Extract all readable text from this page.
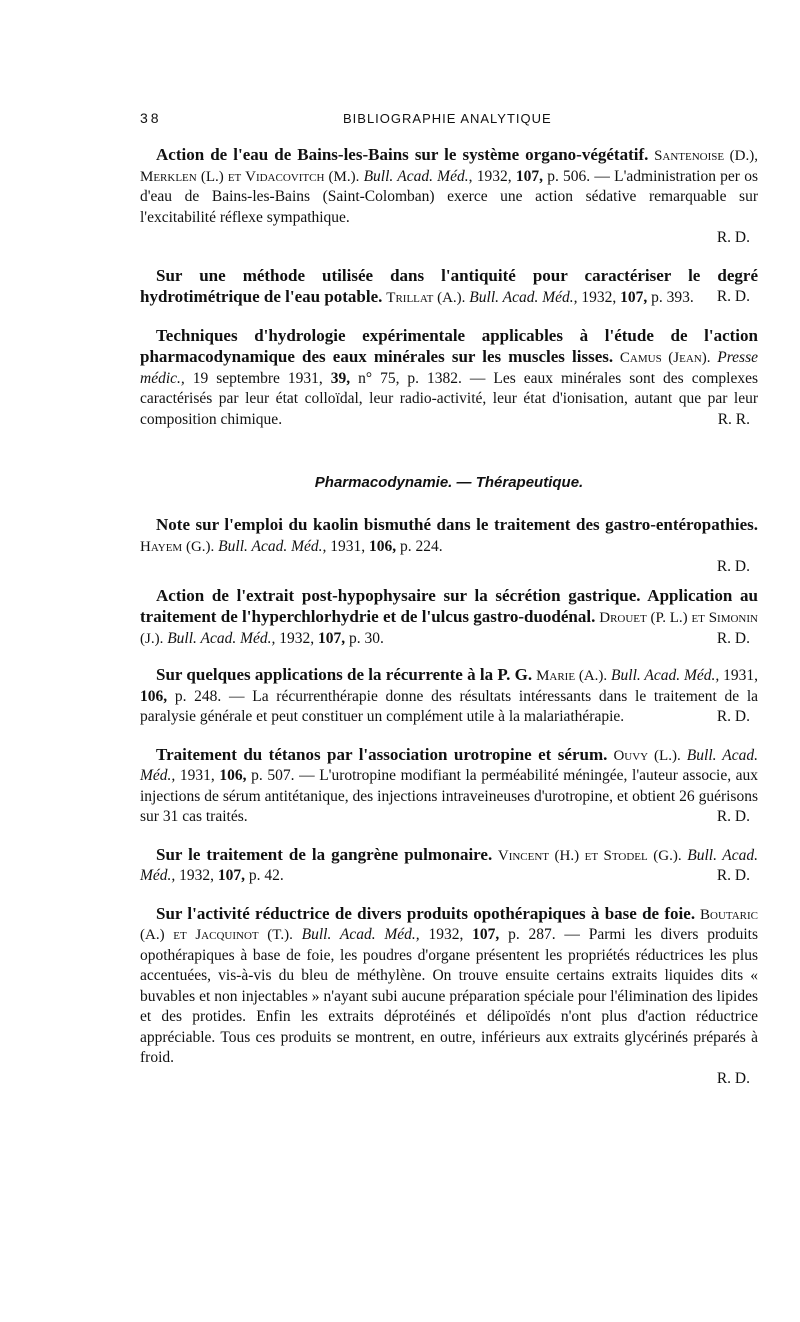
38	BIBLIOGRAPHIE ANALYTIQUE

Action de l'eau de Bains-les-Bains sur le système organo-végétatif. Santenoise (D.), Merklen (L.) et Vidacovitch (M.). Bull. Acad. Méd., 1932, 107, p. 506. — L'administration per os d'eau de Bains-les-Bains (Saint-Colomban) exerce une action sédative remarquable sur l'excitabilité réflexe sympathique.
R. D.

Sur une méthode utilisée dans l'antiquité pour caractériser le degré hydrotimétrique de l'eau potable. Trillat (A.). Bull. Acad. Méd., 1932, 107, p. 393. R. D.

Techniques d'hydrologie expérimentale applicables à l'étude de l'action pharmacodynamique des eaux minérales sur les muscles lisses. Camus (Jean). Presse médic., 19 septembre 1931, 39, n° 75, p. 1382. — Les eaux minérales sont des complexes caractérisés par leur état colloïdal, leur radio-activité, leur état d'ionisation, autant que par leur composition chimique.	R. R.

Pharmacodynamie. — Thérapeutique.

Note sur l'emploi du kaolin bismuthé dans le traitement des gastro-entéropathies. Hayem (G.). Bull. Acad. Méd., 1931, 106, p. 224.
R. D.

Action de l'extrait post-hypophysaire sur la sécrétion gastrique. Application au traitement de l'hyperchlorhydrie et de l'ulcus gastro-duodénal. Drouet (P. L.) et Simonin (J.). Bull. Acad. Méd., 1932, 107, p. 30.	R. D.

Sur quelques applications de la récurrente à la P. G. Marie (A.). Bull. Acad. Méd., 1931, 106, p. 248. — La récurrenthérapie donne des résultats intéressants dans le traitement de la paralysie générale et peut constituer un complément utile à la malariathérapie.	R. D.

Traitement du tétanos par l'association urotropine et sérum. Ouvy (L.). Bull. Acad. Méd., 1931, 106, p. 507. — L'urotropine modifiant la perméabilité méningée, l'auteur associe, aux injections de sérum antitétanique, des injections intraveineuses d'urotropine, et obtient 26 guérisons sur 31 cas traités.	R. D.

Sur le traitement de la gangrène pulmonaire. Vincent (H.) et Stodel (G.). Bull. Acad. Méd., 1932, 107, p. 42.	R. D.

Sur l'activité réductrice de divers produits opothérapiques à base de foie. Boutaric (A.) et Jacquinot (T.). Bull. Acad. Méd., 1932, 107, p. 287. — Parmi les divers produits opothérapiques à base de foie, les poudres d'organe présentent les propriétés réductrices les plus accentuées, vis-à-vis du bleu de méthylène. On trouve ensuite certains extraits liquides dits « buvables et non injectables » n'ayant subi aucune préparation spéciale pour l'élimination des lipides et des protides. Enfin les extraits déprotéinés et délipoïdés n'ont plus d'action réductrice appréciable. Tous ces produits se montrent, en outre, inférieurs aux extraits glycérinés préparés à froid.
R. D.
